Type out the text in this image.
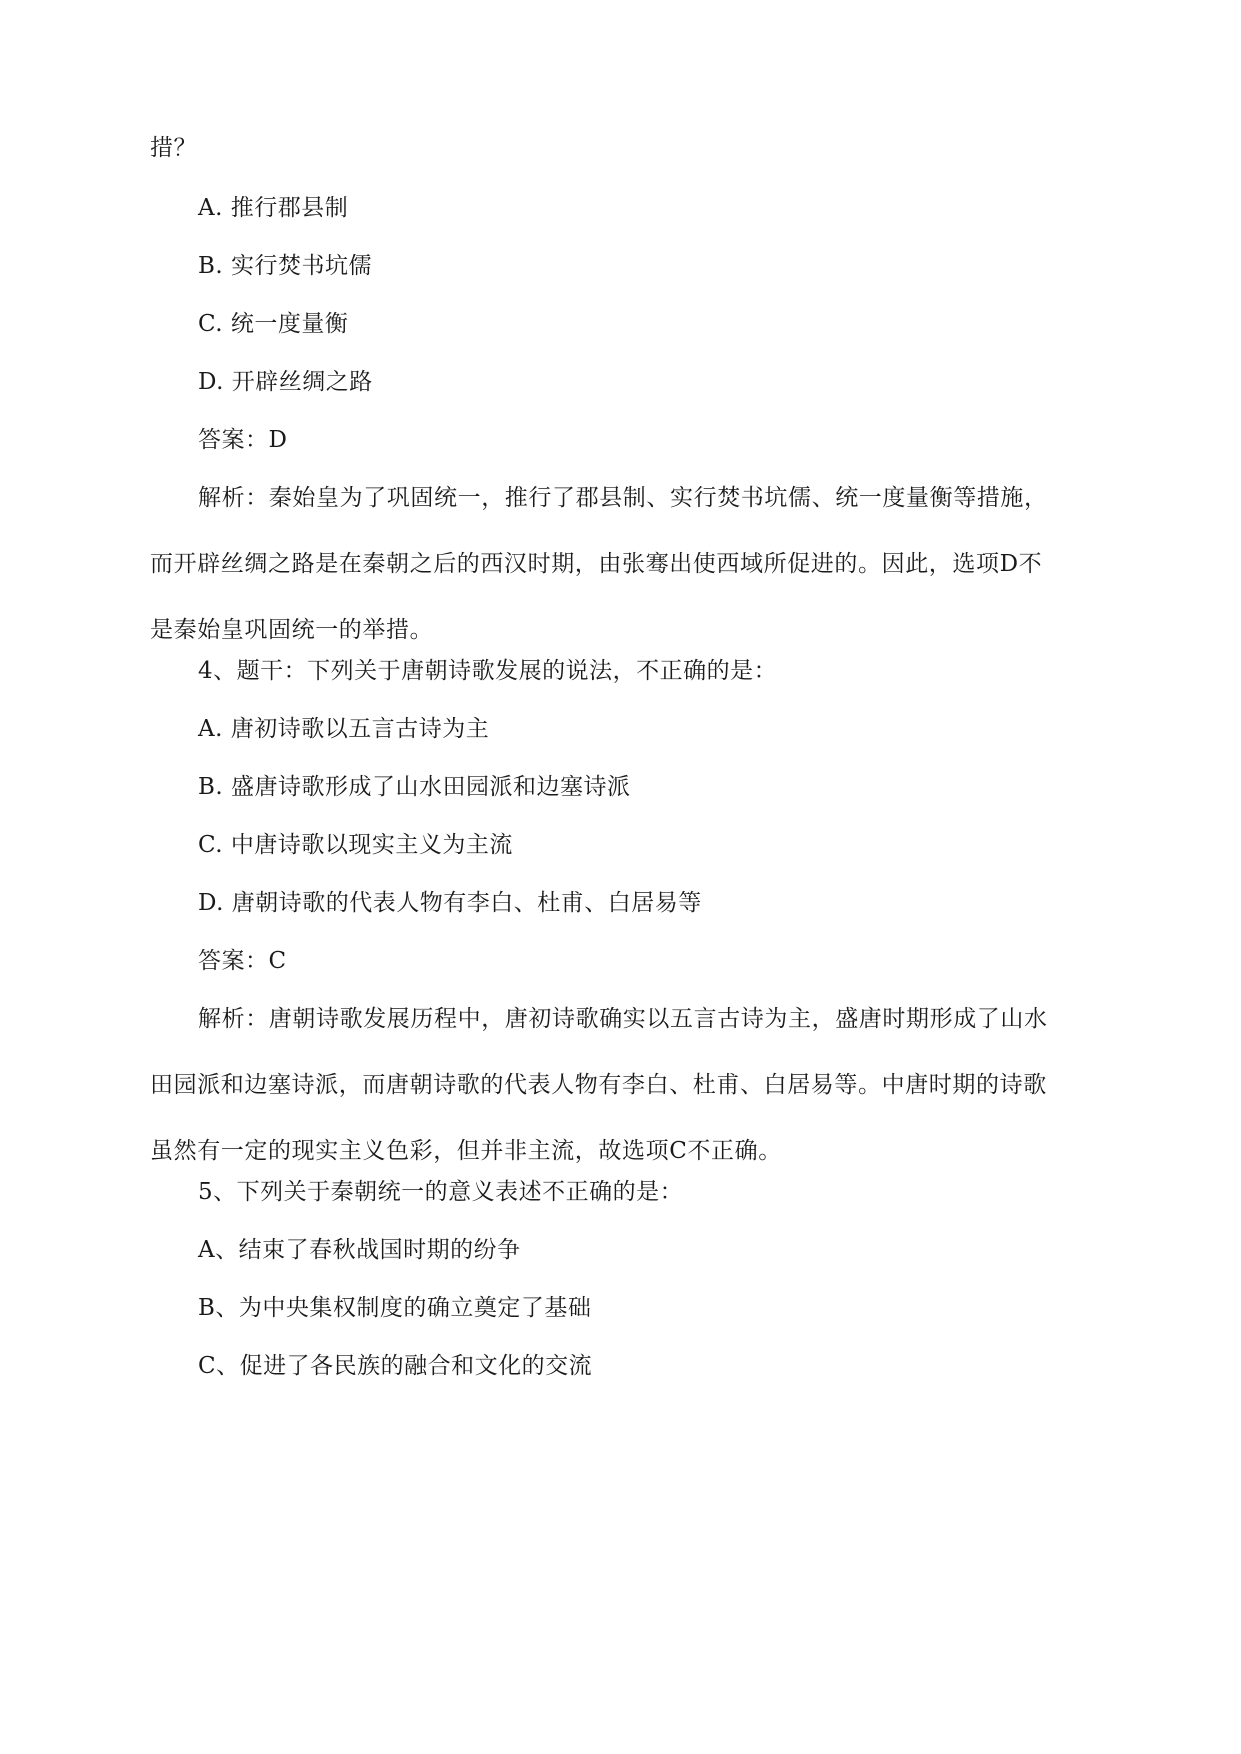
措？
A. 推行郡县制
B. 实行焚书坑儒
C. 统一度量衡
D. 开辟丝绸之路
答案：D
解析：秦始皇为了巩固统一，推行了郡县制、实行焚书坑儒、统一度量衡等措施，
而开辟丝绸之路是在秦朝之后的西汉时期，由张骞出使西域所促进的。因此，选项D不
是秦始皇巩固统一的举措。
4、题干：下列关于唐朝诗歌发展的说法，不正确的是：
A. 唐初诗歌以五言古诗为主
B. 盛唐诗歌形成了山水田园派和边塞诗派
C. 中唐诗歌以现实主义为主流
D. 唐朝诗歌的代表人物有李白、杜甫、白居易等
答案：C
解析：唐朝诗歌发展历程中，唐初诗歌确实以五言古诗为主，盛唐时期形成了山水
田园派和边塞诗派，而唐朝诗歌的代表人物有李白、杜甫、白居易等。中唐时期的诗歌
虽然有一定的现实主义色彩，但并非主流，故选项C不正确。
5、下列关于秦朝统一的意义表述不正确的是：
A、结束了春秋战国时期的纷争
B、为中央集权制度的确立奠定了基础
C、促进了各民族的融合和文化的交流
